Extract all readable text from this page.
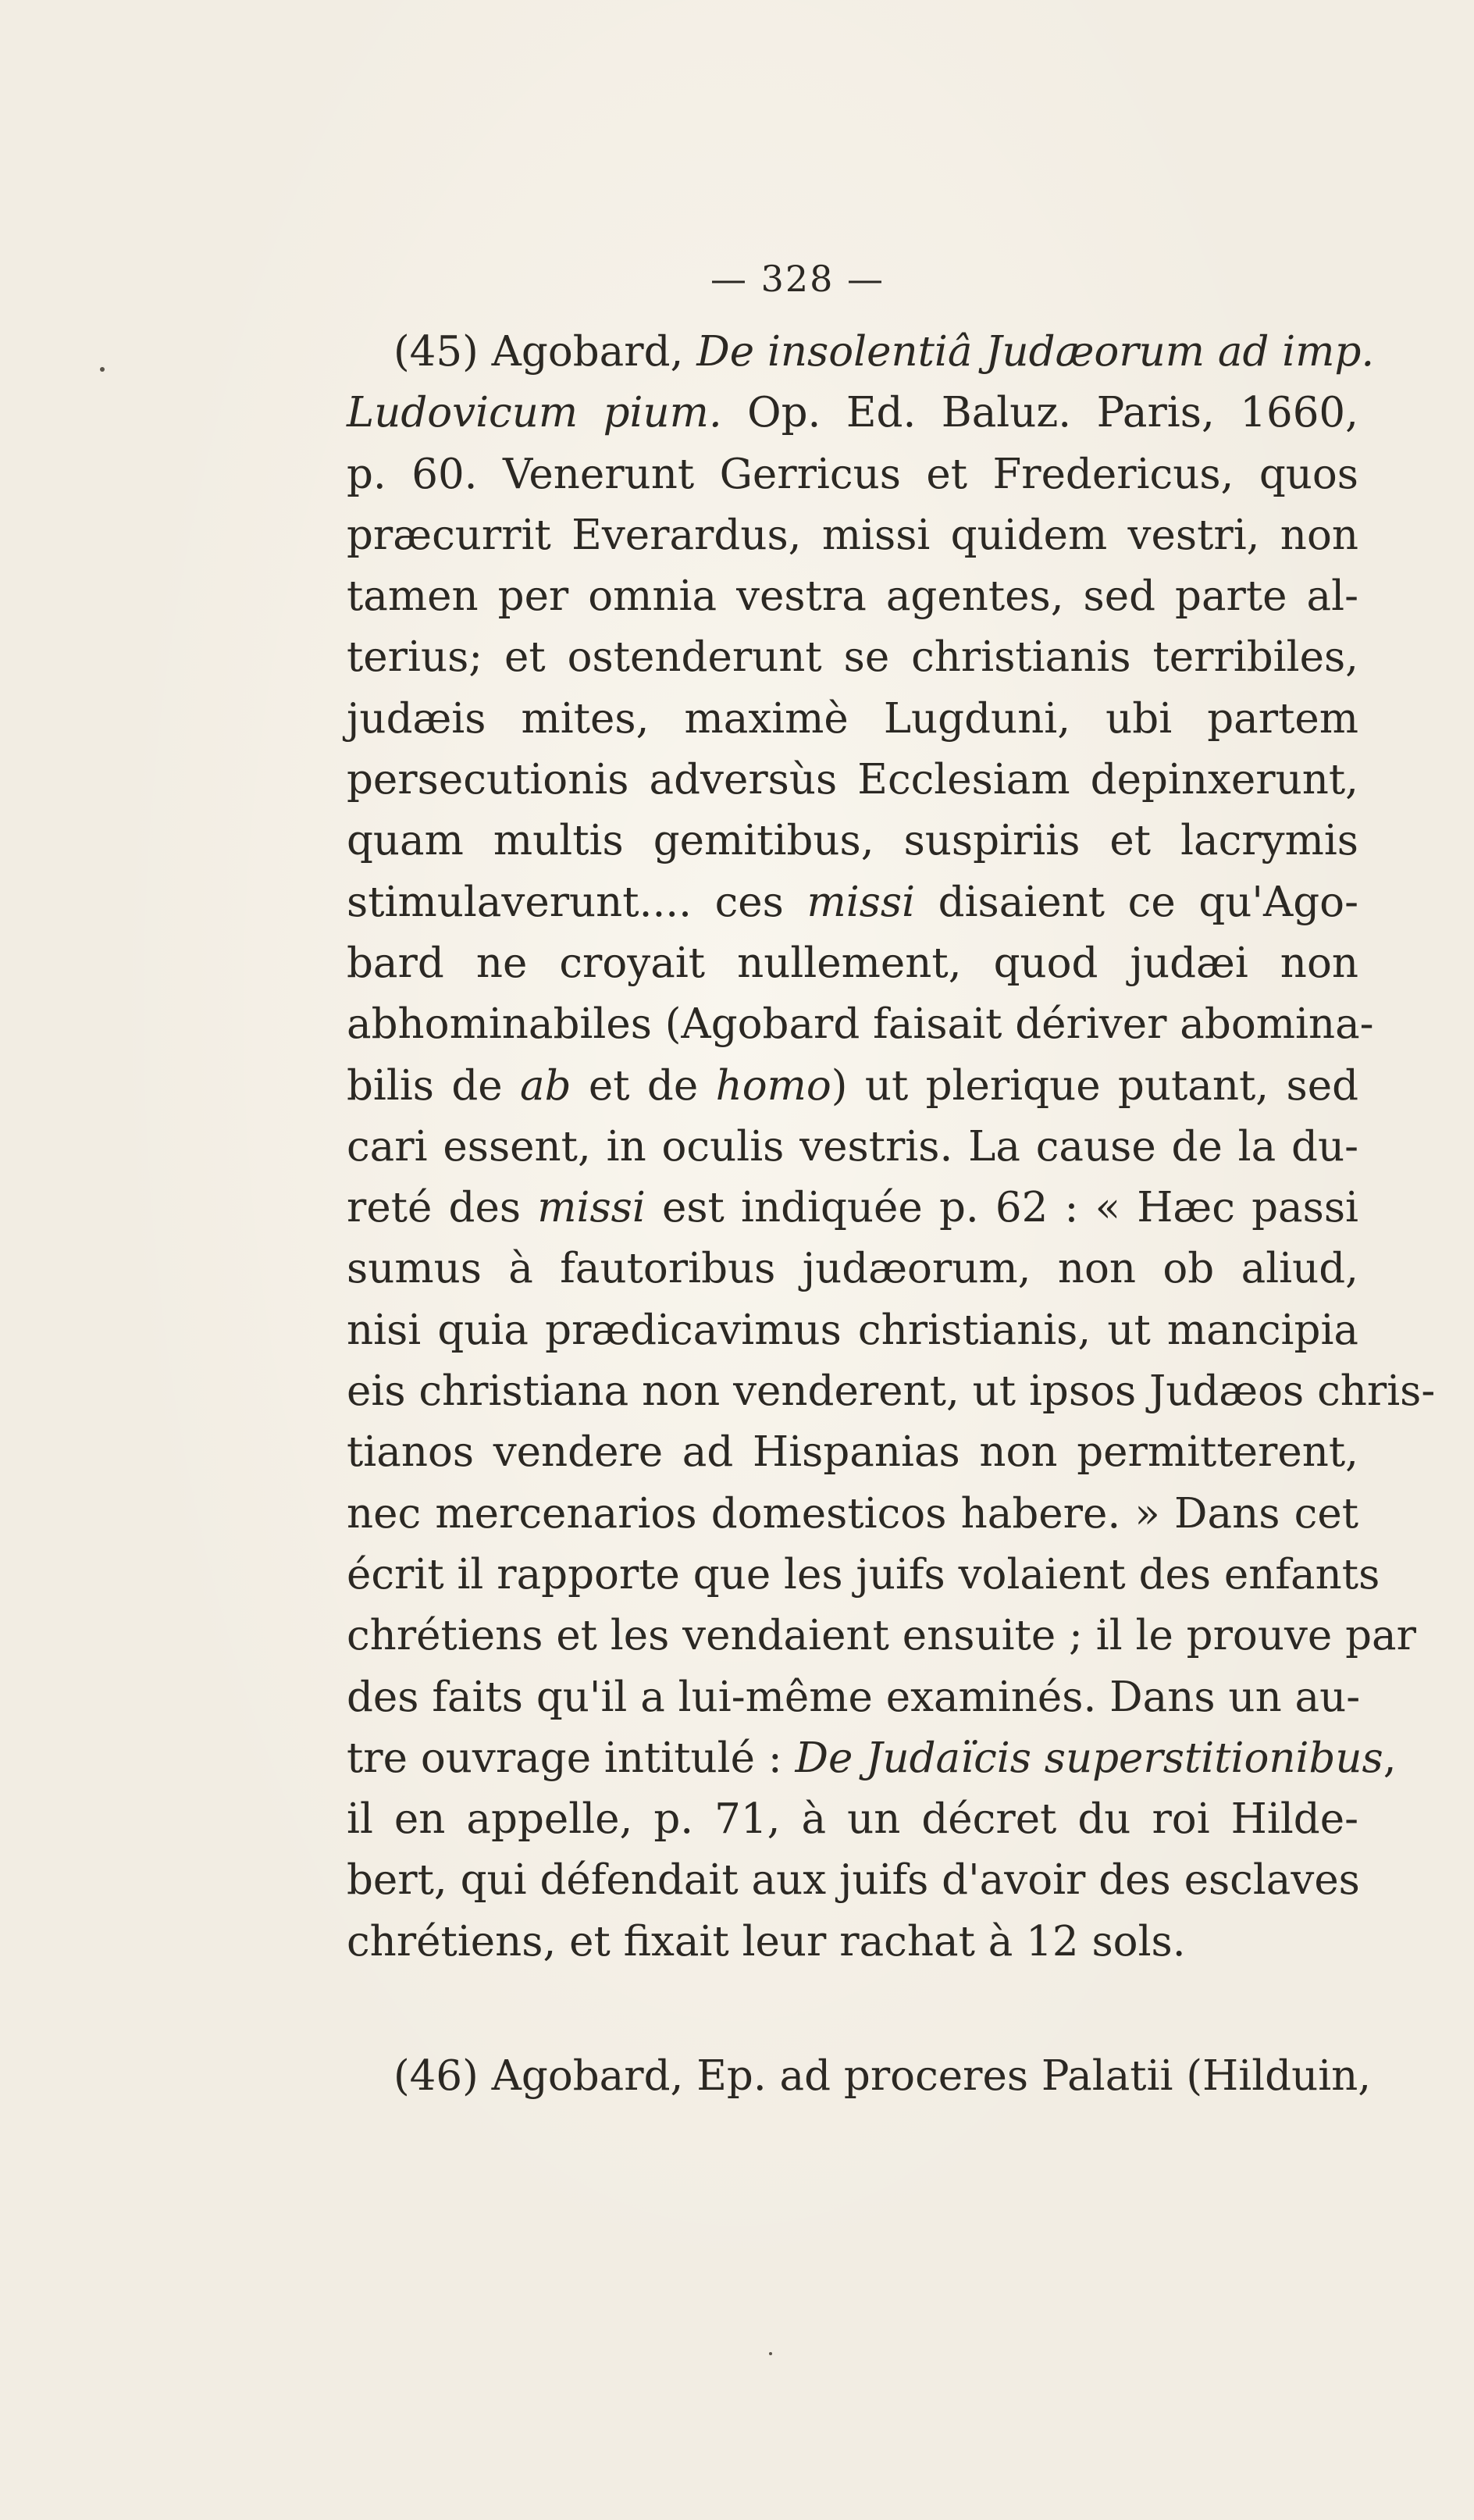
— 328 —
(45) Agobard, De insolentiâ Judæorum ad imp.
Ludovicum pium. Op. Ed. Baluz. Paris, 1660,
p. 60. Venerunt Gerricus et Fredericus, quos
præcurrit Everardus, missi quidem vestri, non
tamen per omnia vestra agentes, sed parte al-
terius; et ostenderunt se christianis terribiles,
judæis mites, maximè Lugduni, ubi partem
persecutionis adversùs Ecclesiam depinxerunt,
quam multis gemitibus, suspiriis et lacrymis
stimulaverunt.... ces missi disaient ce qu'Ago-
bard ne croyait nullement, quod judæi non
abhominabiles (Agobard faisait dériver abomina-
bilis de ab et de homo) ut plerique putant, sed
cari essent, in oculis vestris. La cause de la du-
reté des missi est indiquée p. 62 : « Hæc passi
sumus à fautoribus judæorum, non ob aliud,
nisi quia prædicavimus christianis, ut mancipia
eis christiana non venderent, ut ipsos Judæos chris-
tianos vendere ad Hispanias non permitterent,
nec mercenarios domesticos habere. » Dans cet
écrit il rapporte que les juifs volaient des enfants
chrétiens et les vendaient ensuite ; il le prouve par
des faits qu'il a lui-même examinés. Dans un au-
tre ouvrage intitulé : De Judaïcis superstitionibus,
il en appelle, p. 71, à un décret du roi Hilde-
bert, qui défendait aux juifs d'avoir des esclaves
chrétiens, et fixait leur rachat à 12 sols.
(46) Agobard, Ep. ad proceres Palatii (Hilduin,
